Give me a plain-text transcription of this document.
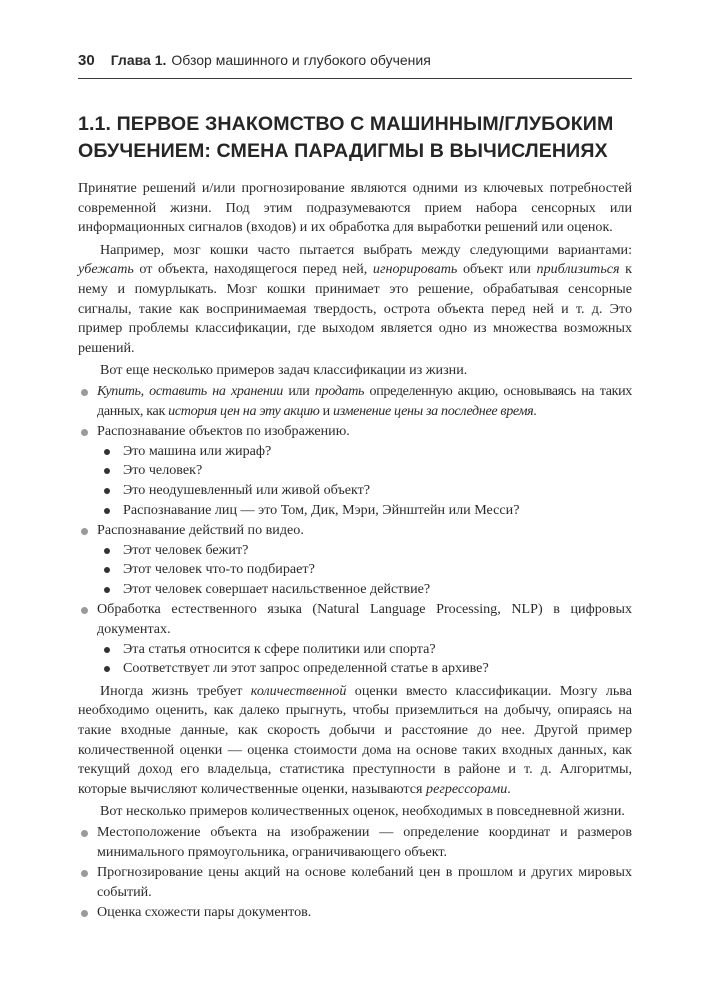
30 Глава 1. Обзор машинного и глубокого обучения
1.1. ПЕРВОЕ ЗНАКОМСТВО С МАШИННЫМ/ГЛУБОКИМ ОБУЧЕНИЕМ: СМЕНА ПАРАДИГМЫ В ВЫЧИСЛЕНИЯХ

Принятие решений и/или прогнозирование являются одними из ключевых потребностей современной жизни. Под этим подразумеваются прием набора сенсорных или информационных сигналов (входов) и их обработка для выработки решений или оценок.

Например, мозг кошки часто пытается выбрать между следующими вариантами: убежать от объекта, находящегося перед ней, игнорировать объект или приблизиться к нему и помурлыкать. Мозг кошки принимает это решение, обрабатывая сенсорные сигналы, такие как воспринимаемая твердость, острота объекта перед ней и т. д. Это пример проблемы классификации, где выходом является одно из множества возможных решений.

Вот еще несколько примеров задач классификации из жизни.

Купить, оставить на хранении или продать определенную акцию, основываясь на таких данных, как история цен на эту акцию и изменение цены за последнее время.
Распознавание объектов по изображению.
Это машина или жираф?
Это человек?
Это неодушевленный или живой объект?
Распознавание лиц — это Том, Дик, Мэри, Эйнштейн или Месси?
Распознавание действий по видео.
Этот человек бежит?
Этот человек что-то подбирает?
Этот человек совершает насильственное действие?
Обработка естественного языка (Natural Language Processing, NLP) в цифровых документах.
Эта статья относится к сфере политики или спорта?
Соответствует ли этот запрос определенной статье в архиве?

Иногда жизнь требует количественной оценки вместо классификации. Мозгу льва необходимо оценить, как далеко прыгнуть, чтобы приземлиться на добычу, опираясь на такие входные данные, как скорость добычи и расстояние до нее. Другой пример количественной оценки — оценка стоимости дома на основе таких входных данных, как текущий доход его владельца, статистика преступности в районе и т. д. Алгоритмы, которые вычисляют количественные оценки, называются регрессорами.

Вот несколько примеров количественных оценок, необходимых в повседневной жизни.

Местоположение объекта на изображении — определение координат и размеров минимального прямоугольника, ограничивающего объект.
Прогнозирование цены акций на основе колебаний цен в прошлом и других мировых событий.
Оценка схожести пары документов.
